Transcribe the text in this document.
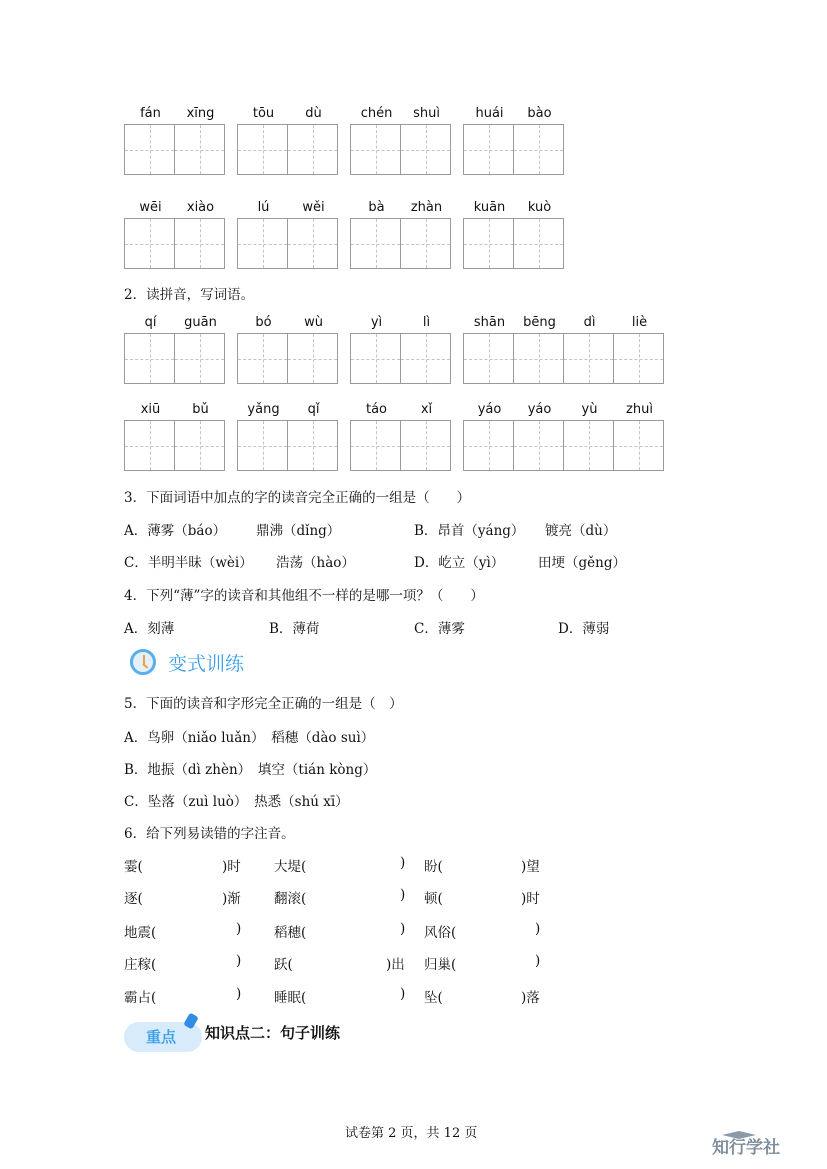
fán	xīng	tōu	dù	chén	shuì	huái	bào
wēi	xiào	lú	wěi	bà	zhàn	kuān	kuò
2．读拼音，写词语。
qí	guān	bó	wù	yì	lì	shān	bēng	dì	liè
xiū	bǔ	yǎng	qǐ	táo	xǐ	yáo	yáo	yù	zhuì
3．下面词语中加点的字的读音完全正确的一组是（　　）
A．薄雾（báo） 鼎沸（dǐng）	B．昂首（yáng） 镀亮（dù）
C．半明半昧（wèi） 浩荡（hào）	D．屹立（yì） 田埂（gěng）
4．下列“薄”字的读音和其他组不一样的是哪一项？（　　）
A．刻薄	B．薄荷	C．薄雾	D．薄弱
变式训练
5．下面的读音和字形完全正确的一组是（　）
A．鸟卵（niǎo luǎn）　稻穗（dào suì）
B．地振（dì zhèn）　填空（tián kòng）
C．坠落（zuì luò）　热悉（shú xī）
6．给下列易读错的字注音。
霎(	)时 大堤(	) 盼(	)望
逐(	)渐 翻滚(	) 顿(	)时
地震(	) 稻穗(	) 风俗(	)
庄稼(	) 跃(	)出 归巢(	)
霸占(	) 睡眠(	) 坠(	)落
重点	知识点二：句子训练
试卷第 2 页，共 12 页
知行学社
